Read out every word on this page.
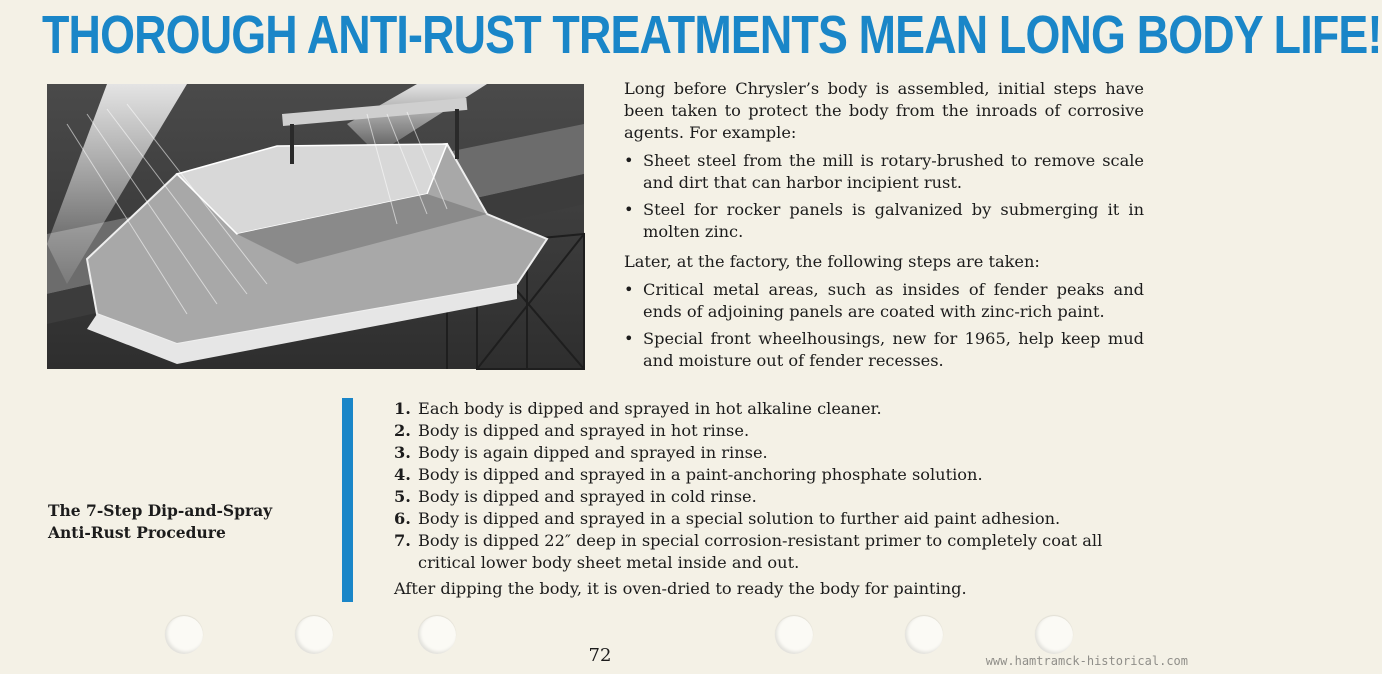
THOROUGH ANTI-RUST TREATMENTS MEAN LONG BODY LIFE!

Long before Chrysler’s body is assembled, initial steps have been taken to protect the body from the inroads of corrosive agents. For example:

• Sheet steel from the mill is rotary-brushed to remove scale and dirt that can harbor incipient rust.
• Steel for rocker panels is galvanized by submerging it in molten zinc.

Later, at the factory, the following steps are taken:

• Critical metal areas, such as insides of fender peaks and ends of adjoining panels are coated with zinc-rich paint.
• Special front wheelhousings, new for 1965, help keep mud and moisture out of fender recesses.
The 7-Step Dip-and-Spray
Anti-Rust Procedure
1. Each body is dipped and sprayed in hot alkaline cleaner.
2. Body is dipped and sprayed in hot rinse.
3. Body is again dipped and sprayed in rinse.
4. Body is dipped and sprayed in a paint-anchoring phosphate solution.
5. Body is dipped and sprayed in cold rinse.
6. Body is dipped and sprayed in a special solution to further aid paint adhesion.
7. Body is dipped 22″ deep in special corrosion-resistant primer to completely coat all critical lower body sheet metal inside and out.

After dipping the body, it is oven-dried to ready the body for painting.

72	www.hamtramck-historical.com
